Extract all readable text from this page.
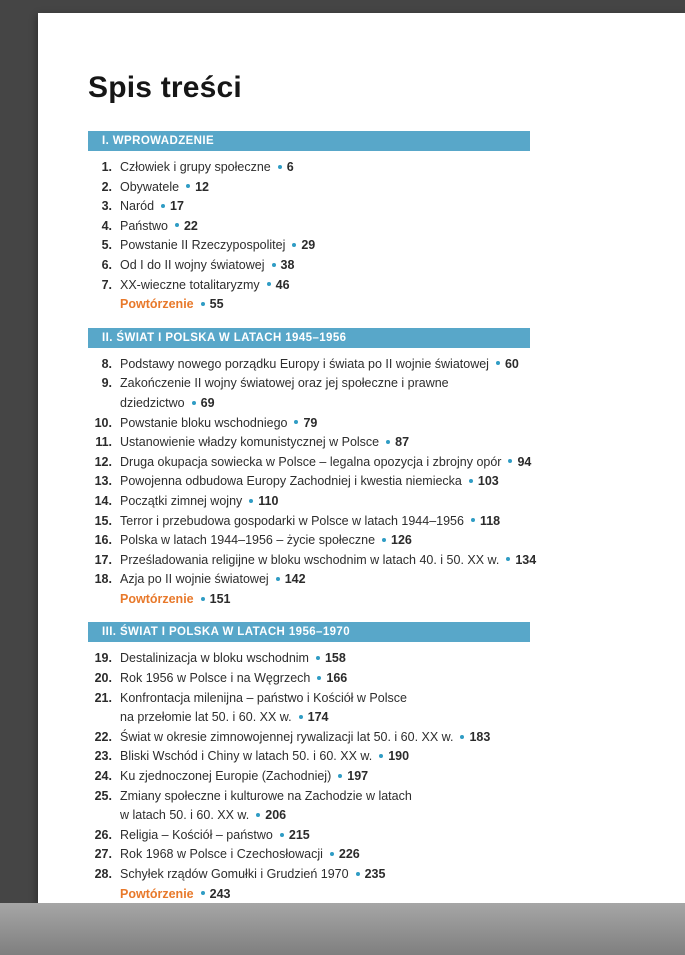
Spis treści
I. WPROWADZENIE
1. Człowiek i grupy społeczne 6
2. Obywatele 12
3. Naród 17
4. Państwo 22
5. Powstanie II Rzeczypospolitej 29
6. Od I do II wojny światowej 38
7. XX-wieczne totalitaryzmy 46
Powtórzenie 55
II. ŚWIAT I POLSKA W LATACH 1945–1956
8. Podstawy nowego porządku Europy i świata po II wojnie światowej 60
9. Zakończenie II wojny światowej oraz jej społeczne i prawne
dziedzictwo 69
10. Powstanie bloku wschodniego 79
11. Ustanowienie władzy komunistycznej w Polsce 87
12. Druga okupacja sowiecka w Polsce – legalna opozycja i zbrojny opór 94
13. Powojenna odbudowa Europy Zachodniej i kwestia niemiecka 103
14. Początki zimnej wojny 110
15. Terror i przebudowa gospodarki w Polsce w latach 1944–1956 118
16. Polska w latach 1944–1956 – życie społeczne 126
17. Prześladowania religijne w bloku wschodnim w latach 40. i 50. XX w. 134
18. Azja po II wojnie światowej 142
Powtórzenie 151
III. ŚWIAT I POLSKA W LATACH 1956–1970
19. Destalinizacja w bloku wschodnim 158
20. Rok 1956 w Polsce i na Węgrzech 166
21. Konfrontacja milenijna – państwo i Kościół w Polsce
na przełomie lat 50. i 60. XX w. 174
22. Świat w okresie zimnowojennej rywalizacji lat 50. i 60. XX w. 183
23. Bliski Wschód i Chiny w latach 50. i 60. XX w. 190
24. Ku zjednoczonej Europie (Zachodniej) 197
25. Zmiany społeczne i kulturowe na Zachodzie w latach
w latach 50. i 60. XX w. 206
26. Religia – Kościół – państwo 215
27. Rok 1968 w Polsce i Czechosłowacji 226
28. Schyłek rządów Gomułki i Grudzień 1970 235
Powtórzenie 243
